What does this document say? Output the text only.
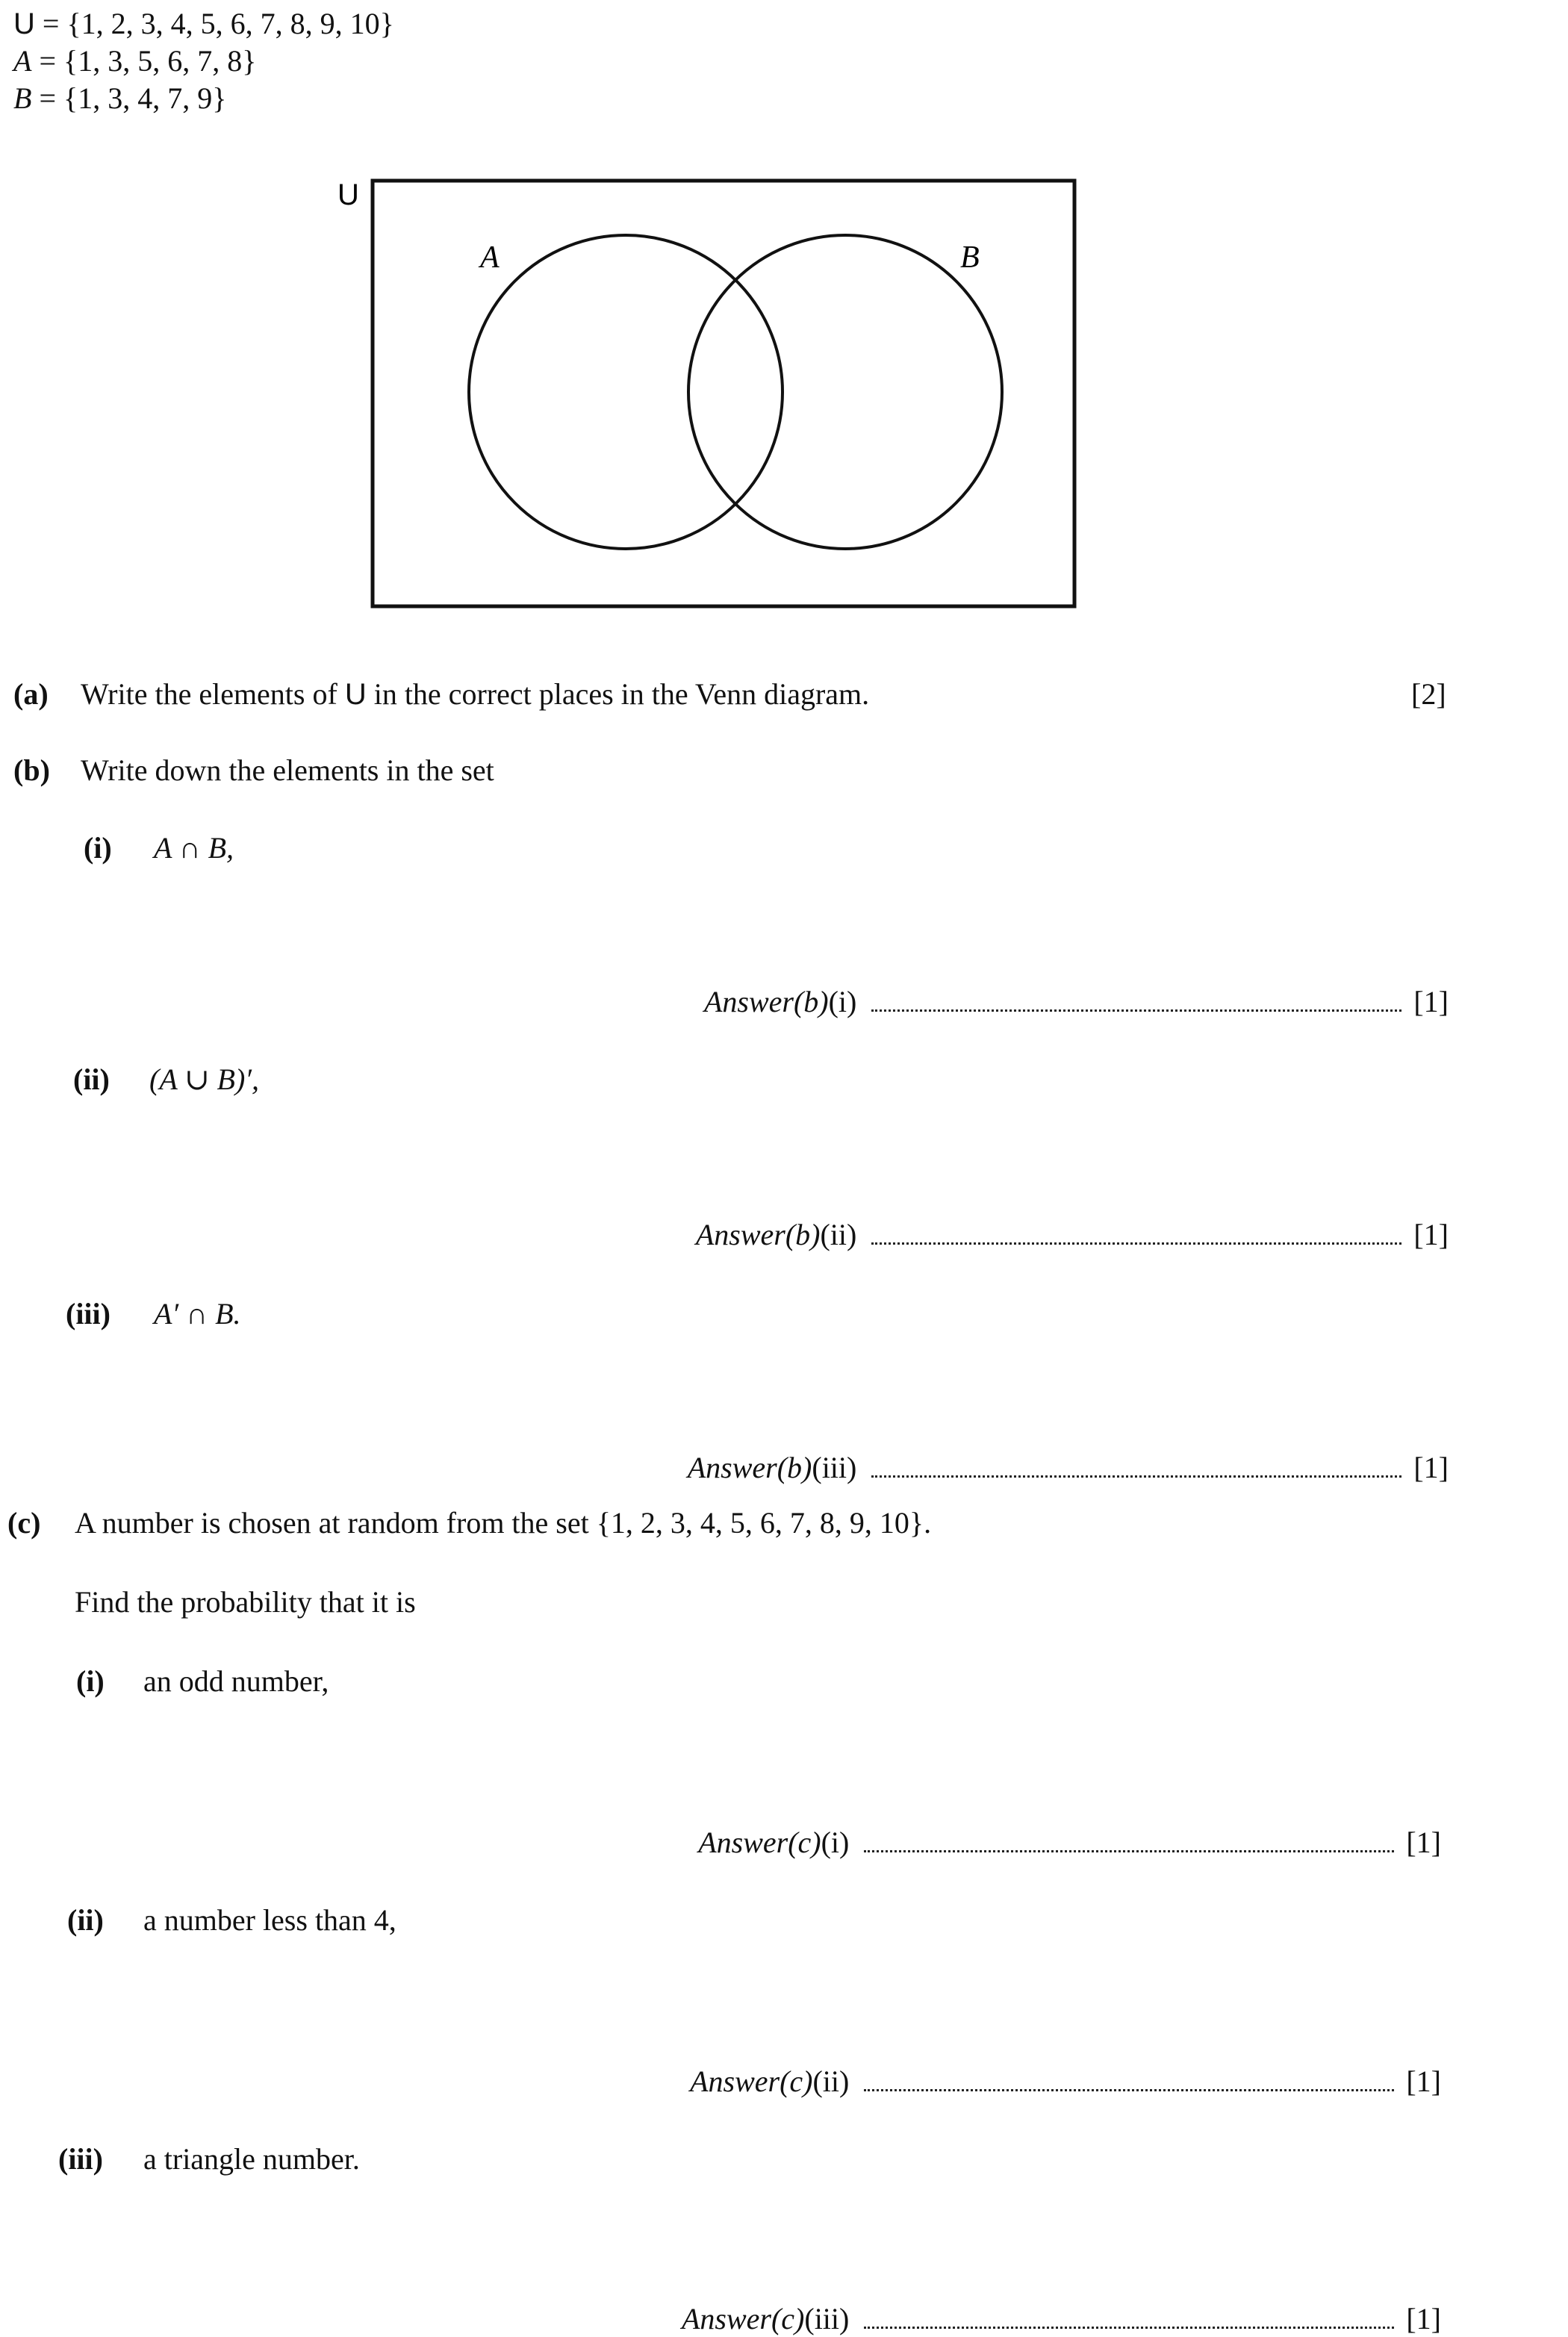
U = {1, 2, 3, 4, 5, 6, 7, 8, 9, 10}
A = {1, 3, 5, 6, 7, 8}
B = {1, 3, 4, 7, 9}
U
A	B
(a) Write the elements of U in the correct places in the Venn diagram.	[2]
(b) Write down the elements in the set
(i) A ∩ B,
Answer(b) (i)	[1]
(ii) (A ∪ B)′,
Answer(b) (ii)	[1]
(iii) A′ ∩ B.
Answer(b) (iii)	[1]
(c) A number is chosen at random from the set {1, 2, 3, 4, 5, 6, 7, 8, 9, 10}.
Find the probability that it is
(i) an odd number,
Answer(c) (i)	[1]
(ii) a number less than 4,
Answer(c) (ii)	[1]
(iii) a triangle number.
Answer(c) (iii)	[1]
